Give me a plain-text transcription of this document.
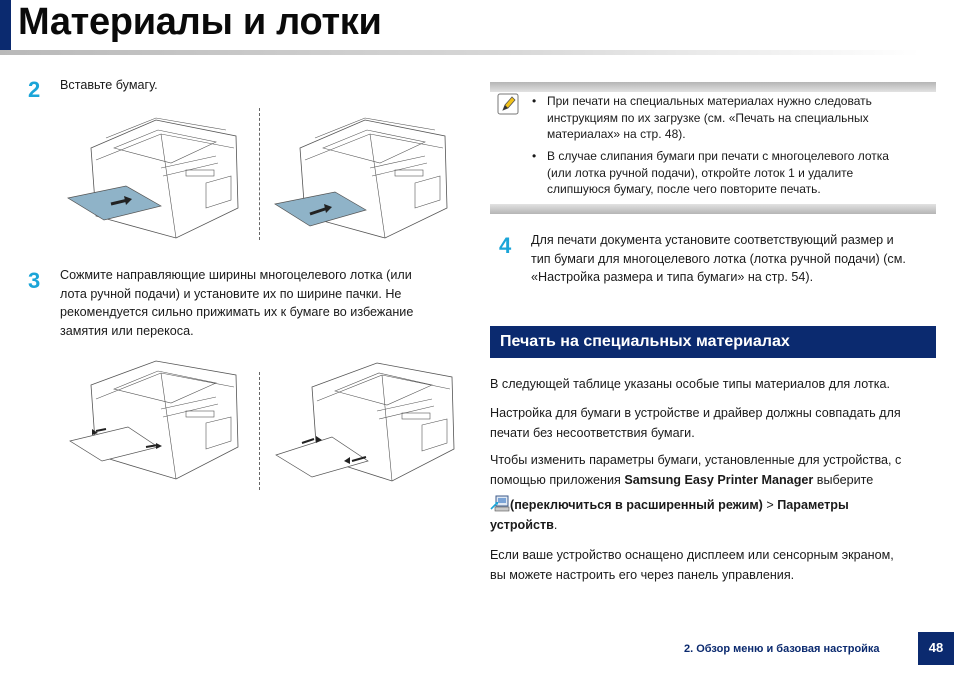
Материалы и лотки
2 Вставьте бумагу.
3 Сожмите направляющие ширины многоцелевого лотка (или
лота ручной подачи) и установите их по ширине пачки. Не
рекомендуется сильно прижимать их к бумаге во избежание
замятия или перекоса.
• При печати на специальных материалах нужно следовать
инструкциям по их загрузке (см. «Печать на специальных
материалах» на стр. 48).
• В случае слипания бумаги при печати с многоцелевого лотка
(или лотка ручной подачи), откройте лоток 1 и удалите
слипшуюся бумагу, после чего повторите печать.
4 Для печати документа установите соответствующий размер и
тип бумаги для многоцелевого лотка (лотка ручной подачи) (см.
«Настройка размера и типа бумаги» на стр. 54).
Печать на специальных материалах
В следующей таблице указаны особые типы материалов для лотка.
Настройка для бумаги в устройстве и драйвер должны совпадать для
печати без несоответствия бумаги.
Чтобы изменить параметры бумаги, установленные для устройства, с
помощью приложения Samsung Easy Printer Manager выберите
(переключиться в расширенный режим) > Параметры
устройств.
Если ваше устройство оснащено дисплеем или сенсорным экраном,
вы можете настроить его через панель управления.
2. Обзор меню и базовая настройка	48
